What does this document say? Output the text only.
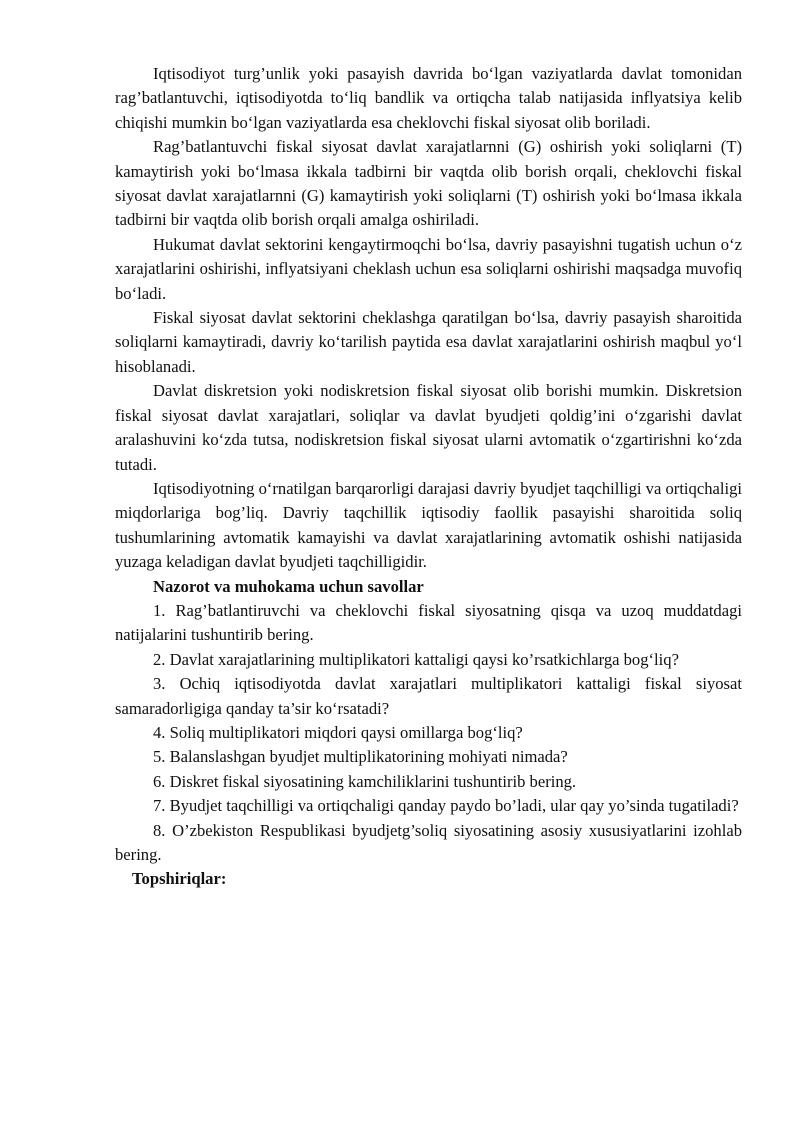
Iqtisodiyot turg’unlik yoki pasayish davrida bo‘lgan vaziyatlarda davlat tomonidan rag’batlantuvchi, iqtisodiyotda to‘liq bandlik va ortiqcha talab natijasida inflyatsiya kelib chiqishi mumkin bo‘lgan vaziyatlarda esa cheklovchi fiskal siyosat olib boriladi.

Rag’batlantuvchi fiskal siyosat davlat xarajatlarnni (G) oshirish yoki soliqlarni (T) kamaytirish yoki bo‘lmasa ikkala tadbirni bir vaqtda olib borish orqali, cheklovchi fiskal siyosat davlat xarajatlarnni (G) kamaytirish yoki soliqlarni (T) oshirish yoki bo‘lmasa ikkala tadbirni bir vaqtda olib borish orqali amalga oshiriladi.

Hukumat davlat sektorini kengaytirmoqchi bo‘lsa, davriy pasayishni tugatish uchun o‘z xarajatlarini oshirishi, inflyatsiyani cheklash uchun esa soliqlarni oshirishi maqsadga muvofiq bo‘ladi.

Fiskal siyosat davlat sektorini cheklashga qaratilgan bo‘lsa, davriy pasayish sharoitida soliqlarni kamaytiradi, davriy ko‘tarilish paytida esa davlat xarajatlarini oshirish maqbul yo‘l hisoblanadi.

Davlat diskretsion yoki nodiskretsion fiskal siyosat olib borishi mumkin. Diskretsion fiskal siyosat davlat xarajatlari, soliqlar va davlat byudjeti qoldig’ini o‘zgarishi davlat aralashuvini ko‘zda tutsa, nodiskretsion fiskal siyosat ularni avtomatik o‘zgartirishni ko‘zda tutadi.

Iqtisodiyotning o‘rnatilgan barqarorligi darajasi davriy byudjet taqchilligi va ortiqchaligi miqdorlariga bog’liq. Davriy taqchillik iqtisodiy faollik pasayishi sharoitida soliq tushumlarining avtomatik kamayishi va davlat xarajatlarining avtomatik oshishi natijasida yuzaga keladigan davlat byudjeti taqchilligidir.

Nazorot va muhokama uchun savollar

1. Rag’batlantiruvchi va cheklovchi fiskal siyosatning qisqa va uzoq muddatdagi natijalarini tushuntirib bering.

2. Davlat xarajatlarining multiplikatori kattaligi qaysi ko’rsatkichlarga bog‘liq?

3. Ochiq iqtisodiyotda davlat xarajatlari multiplikatori kattaligi fiskal siyosat samaradorligiga qanday ta’sir ko‘rsatadi?

4. Soliq multiplikatori miqdori qaysi omillarga bog‘liq?

5. Balanslashgan byudjet multiplikatorining mohiyati nimada?

6. Diskret fiskal siyosatining kamchiliklarini tushuntirib bering.

7. Byudjet taqchilligi va ortiqchaligi qanday paydo bo’ladi, ular qay yo’sinda tugatiladi?

8. O’zbekiston Respublikasi byudjetg’soliq siyosatining asosiy xususiyatlarini izohlab bering.

Topshiriqlar:
